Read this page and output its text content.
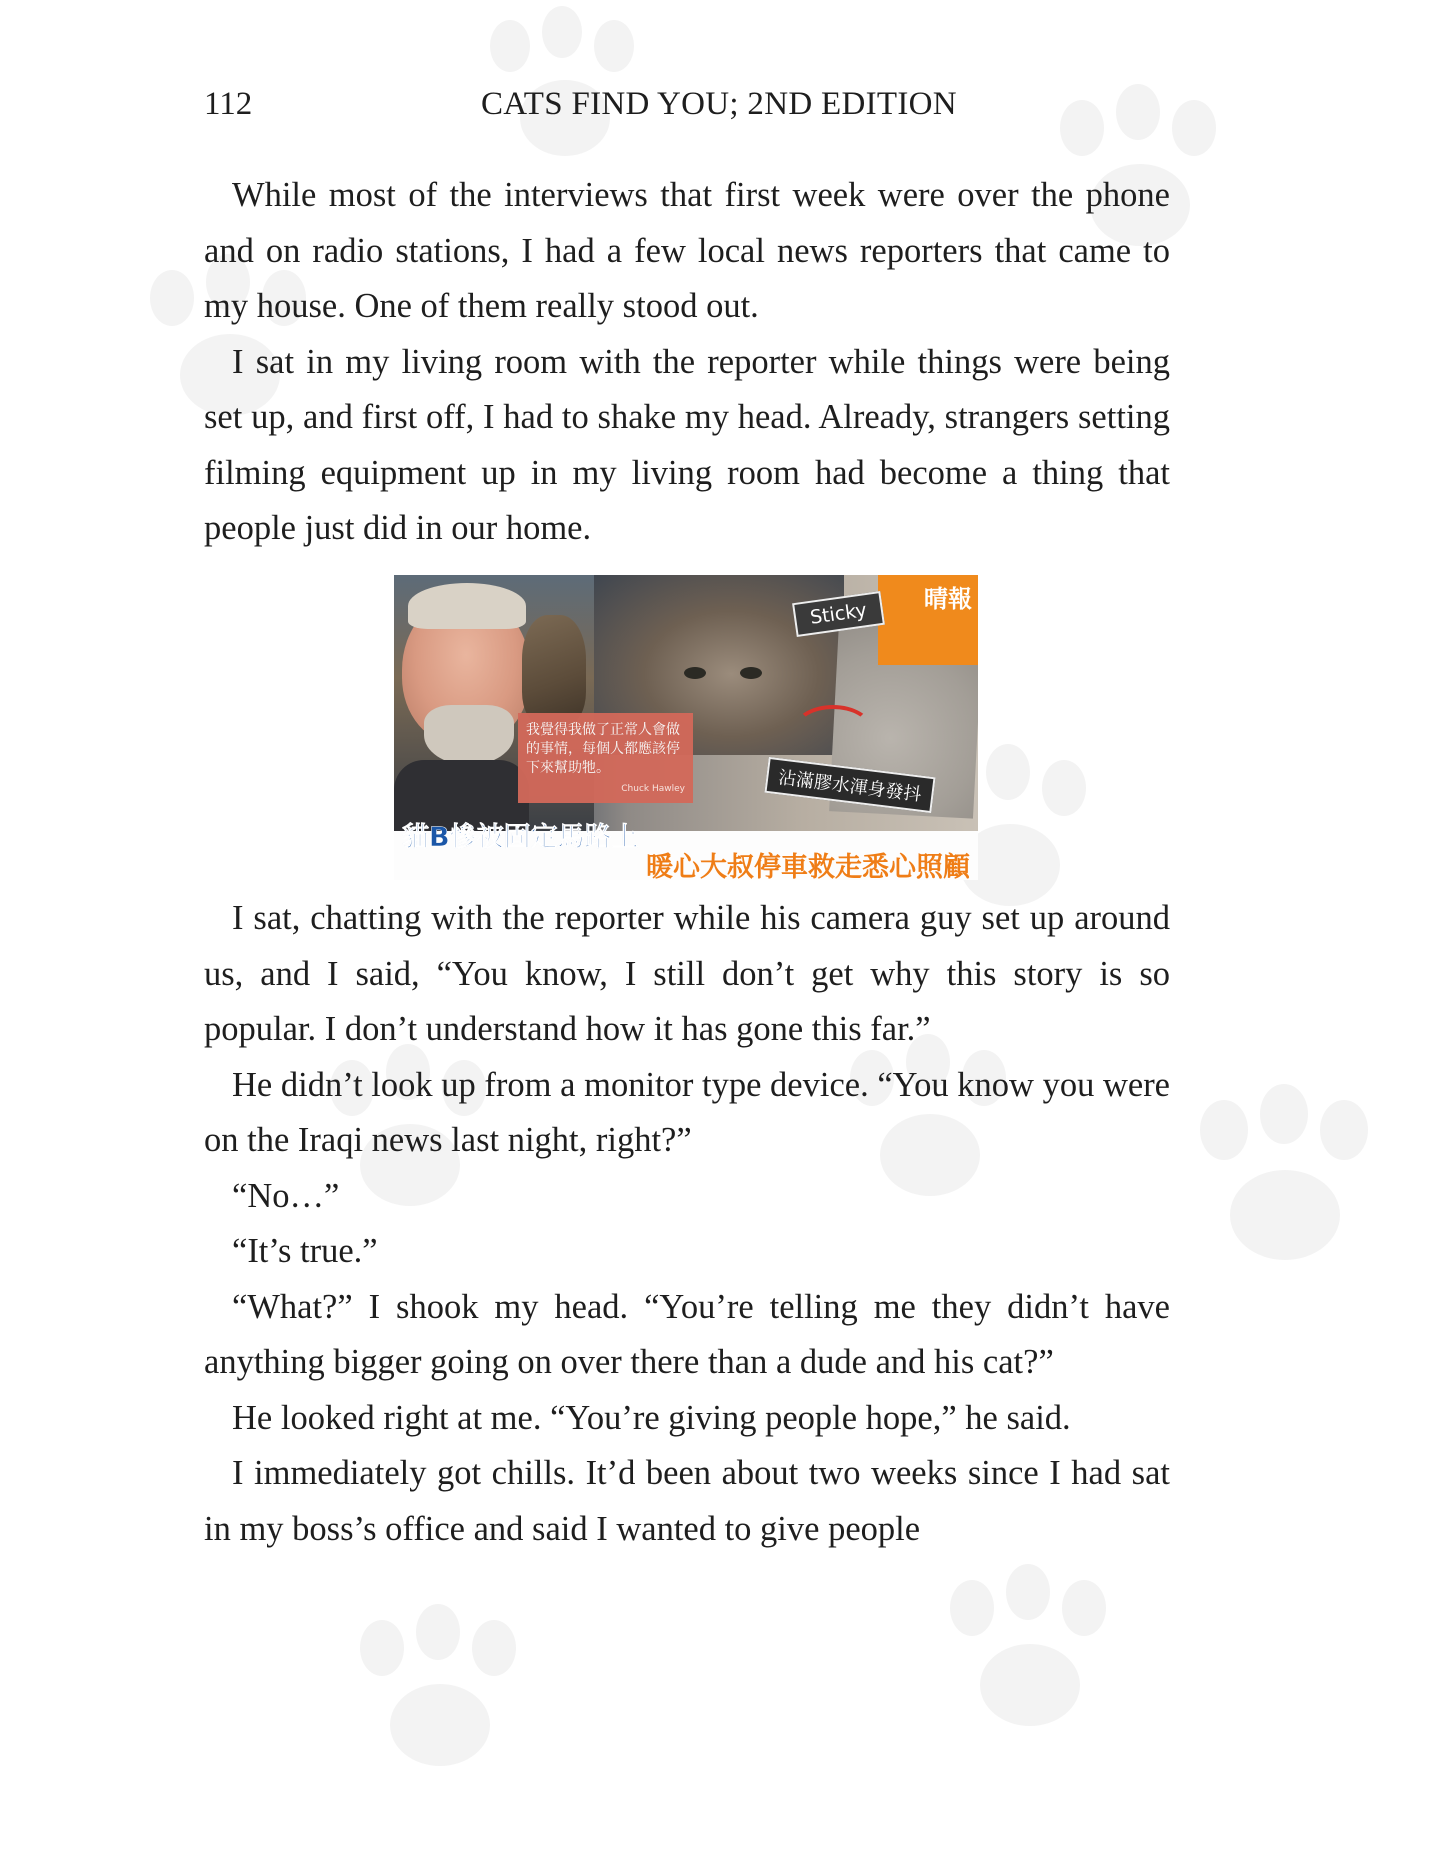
112	CATS FIND YOU; 2ND EDITION

While most of the interviews that first week were over the phone and on radio stations, I had a few local news reporters that came to my house. One of them really stood out.

I sat in my living room with the reporter while things were being set up, and first off, I had to shake my head. Already, strangers setting filming equipment up in my living room had become a thing that people just did in our home.

晴報
Sticky
我覺得我做了正常人會做的事情，每個人都應該停下來幫助牠。
Chuck Hawley	沾滿膠水渾身發抖
貓B慘被固定馬路上
暖心大叔停車救走悉心照顧

I sat, chatting with the reporter while his camera guy set up around us, and I said, “You know, I still don’t get why this story is so popular. I don’t understand how it has gone this far.”

He didn’t look up from a monitor type device. “You know you were on the Iraqi news last night, right?”

“No…”

“It’s true.”

“What?” I shook my head. “You’re telling me they didn’t have anything bigger going on over there than a dude and his cat?”

He looked right at me. “You’re giving people hope,” he said.

I immediately got chills. It’d been about two weeks since I had sat in my boss’s office and said I wanted to give people
